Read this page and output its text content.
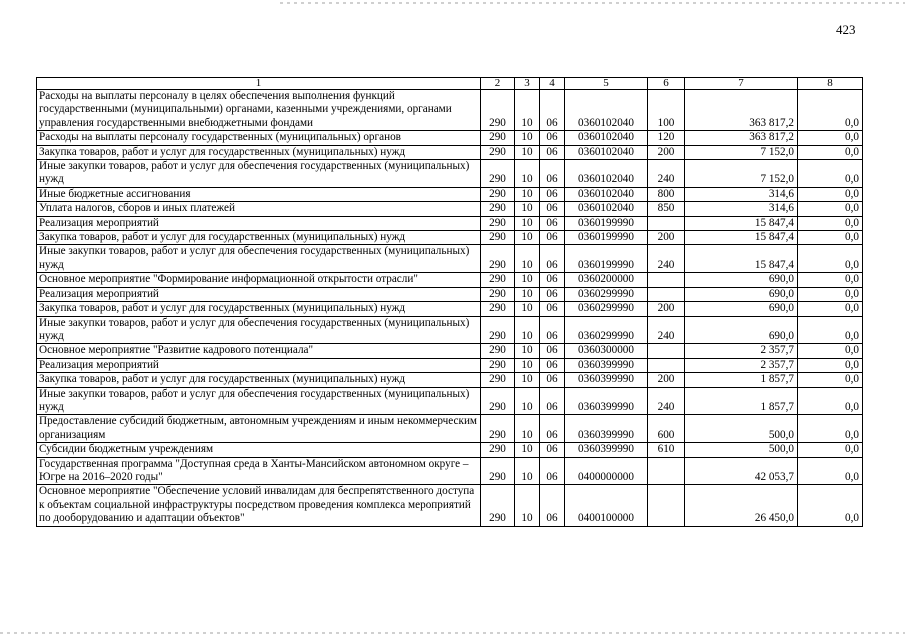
423
1	2	3	4	5	6	7	8
Расходы на выплаты персоналу в целях обеспечения выполнения функций государственными (муниципальными) органами, казенными учреждениями, органами управления государственными внебюджетными фондами	290	10	06	0360102040	100	363 817,2	0,0
Расходы на выплаты персоналу государственных (муниципальных) органов	290	10	06	0360102040	120	363 817,2	0,0
Закупка товаров, работ и услуг для государственных (муниципальных) нужд	290	10	06	0360102040	200	7 152,0	0,0
Иные закупки товаров, работ и услуг для обеспечения государственных (муниципальных) нужд	290	10	06	0360102040	240	7 152,0	0,0
Иные бюджетные ассигнования	290	10	06	0360102040	800	314,6	0,0
Уплата налогов, сборов и иных платежей	290	10	06	0360102040	850	314,6	0,0
Реализация мероприятий	290	10	06	0360199990		15 847,4	0,0
Закупка товаров, работ и услуг для государственных (муниципальных) нужд	290	10	06	0360199990	200	15 847,4	0,0
Иные закупки товаров, работ и услуг для обеспечения государственных (муниципальных) нужд	290	10	06	0360199990	240	15 847,4	0,0
Основное мероприятие "Формирование информационной открытости отрасли"	290	10	06	0360200000		690,0	0,0
Реализация мероприятий	290	10	06	0360299990		690,0	0,0
Закупка товаров, работ и услуг для государственных (муниципальных) нужд	290	10	06	0360299990	200	690,0	0,0
Иные закупки товаров, работ и услуг для обеспечения государственных (муниципальных) нужд	290	10	06	0360299990	240	690,0	0,0
Основное мероприятие "Развитие кадрового потенциала"	290	10	06	0360300000		2 357,7	0,0
Реализация мероприятий	290	10	06	0360399990		2 357,7	0,0
Закупка товаров, работ и услуг для государственных (муниципальных) нужд	290	10	06	0360399990	200	1 857,7	0,0
Иные закупки товаров, работ и услуг для обеспечения государственных (муниципальных) нужд	290	10	06	0360399990	240	1 857,7	0,0
Предоставление субсидий бюджетным, автономным учреждениям и иным некоммерческим организациям	290	10	06	0360399990	600	500,0	0,0
Субсидии бюджетным учреждениям	290	10	06	0360399990	610	500,0	0,0
Государственная программа "Доступная среда в Ханты-Мансийском автономном округе – Югре на 2016–2020 годы"	290	10	06	0400000000		42 053,7	0,0
Основное мероприятие "Обеспечение условий инвалидам для беспрепятственного доступа к объектам социальной инфраструктуры посредством проведения комплекса мероприятий по дооборудованию и адаптации объектов"	290	10	06	0400100000		26 450,0	0,0
